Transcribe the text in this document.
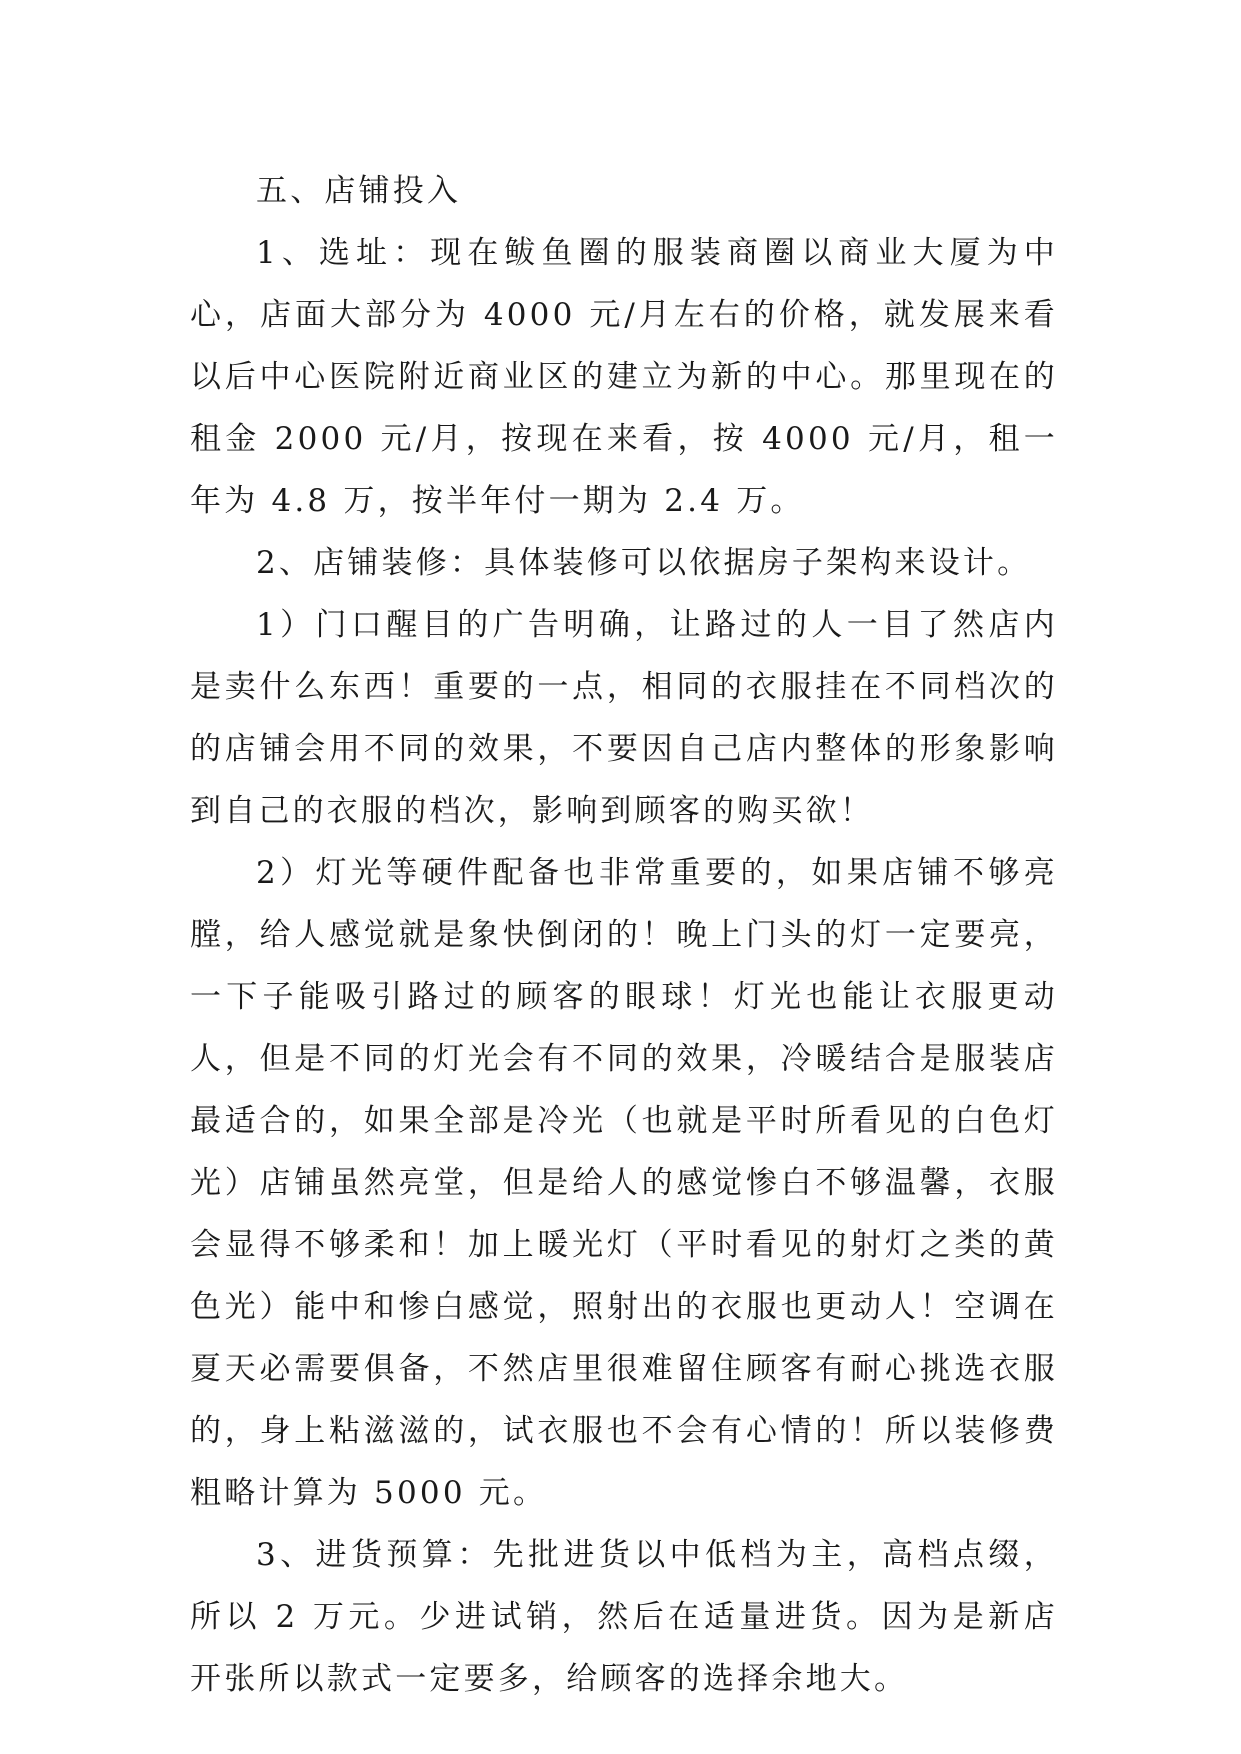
五、店铺投入

1、选址：现在鲅鱼圈的服装商圈以商业大厦为中心，店面大部分为 4000 元/月左右的价格，就发展来看以后中心医院附近商业区的建立为新的中心。那里现在的租金 2000 元/月，按现在来看，按 4000 元/月，租一年为 4.8 万，按半年付一期为 2.4 万。

2、店铺装修：具体装修可以依据房子架构来设计。

1）门口醒目的广告明确，让路过的人一目了然店内是卖什么东西！重要的一点，相同的衣服挂在不同档次的的店铺会用不同的效果，不要因自己店内整体的形象影响到自己的衣服的档次，影响到顾客的购买欲！

2）灯光等硬件配备也非常重要的，如果店铺不够亮膛，给人感觉就是象快倒闭的！晚上门头的灯一定要亮，一下子能吸引路过的顾客的眼球！灯光也能让衣服更动人，但是不同的灯光会有不同的效果，冷暖结合是服装店最适合的，如果全部是冷光（也就是平时所看见的白色灯光）店铺虽然亮堂，但是给人的感觉惨白不够温馨，衣服会显得不够柔和！加上暖光灯（平时看见的射灯之类的黄色光）能中和惨白感觉，照射出的衣服也更动人！空调在夏天必需要俱备，不然店里很难留住顾客有耐心挑选衣服的，身上粘滋滋的，试衣服也不会有心情的！所以装修费粗略计算为 5000 元。

3、进货预算：先批进货以中低档为主，高档点缀，所以 2 万元。少进试销，然后在适量进货。因为是新店开张所以款式一定要多，给顾客的选择余地大。
